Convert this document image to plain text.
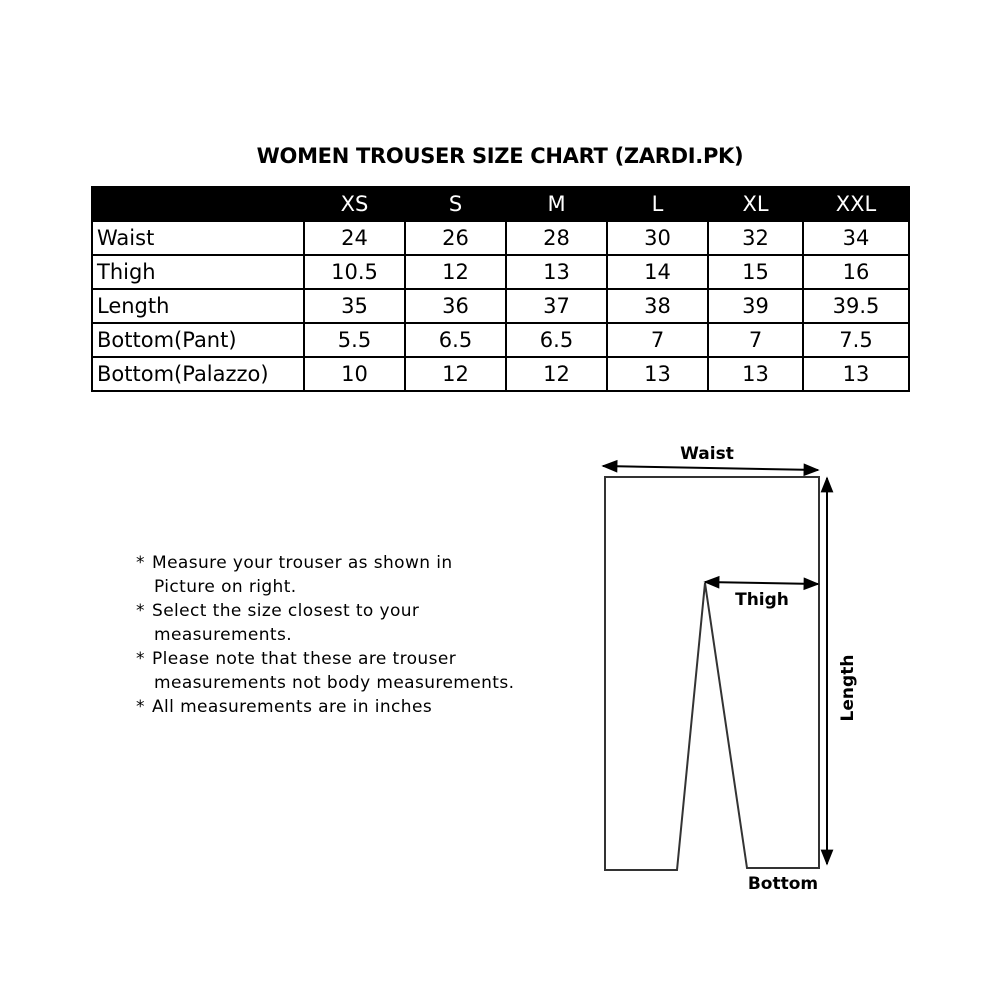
WOMEN TROUSER SIZE CHART (ZARDI.PK)
	XS	S	M	L	XL	XXL
Waist	24	26	28	30	32	34
Thigh	10.5	12	13	14	15	16
Length	35	36	37	38	39	39.5
Bottom(Pant)	5.5	6.5	6.5	7	7	7.5
Bottom(Palazzo)	10	12	12	13	13	13
* Measure your trouser as shown in
Picture on right.
* Select the size closest to your
measurements.
* Please note that these are trouser
measurements not body measurements.
* All measurements are in inches
Waist
Thigh
Length
Bottom
